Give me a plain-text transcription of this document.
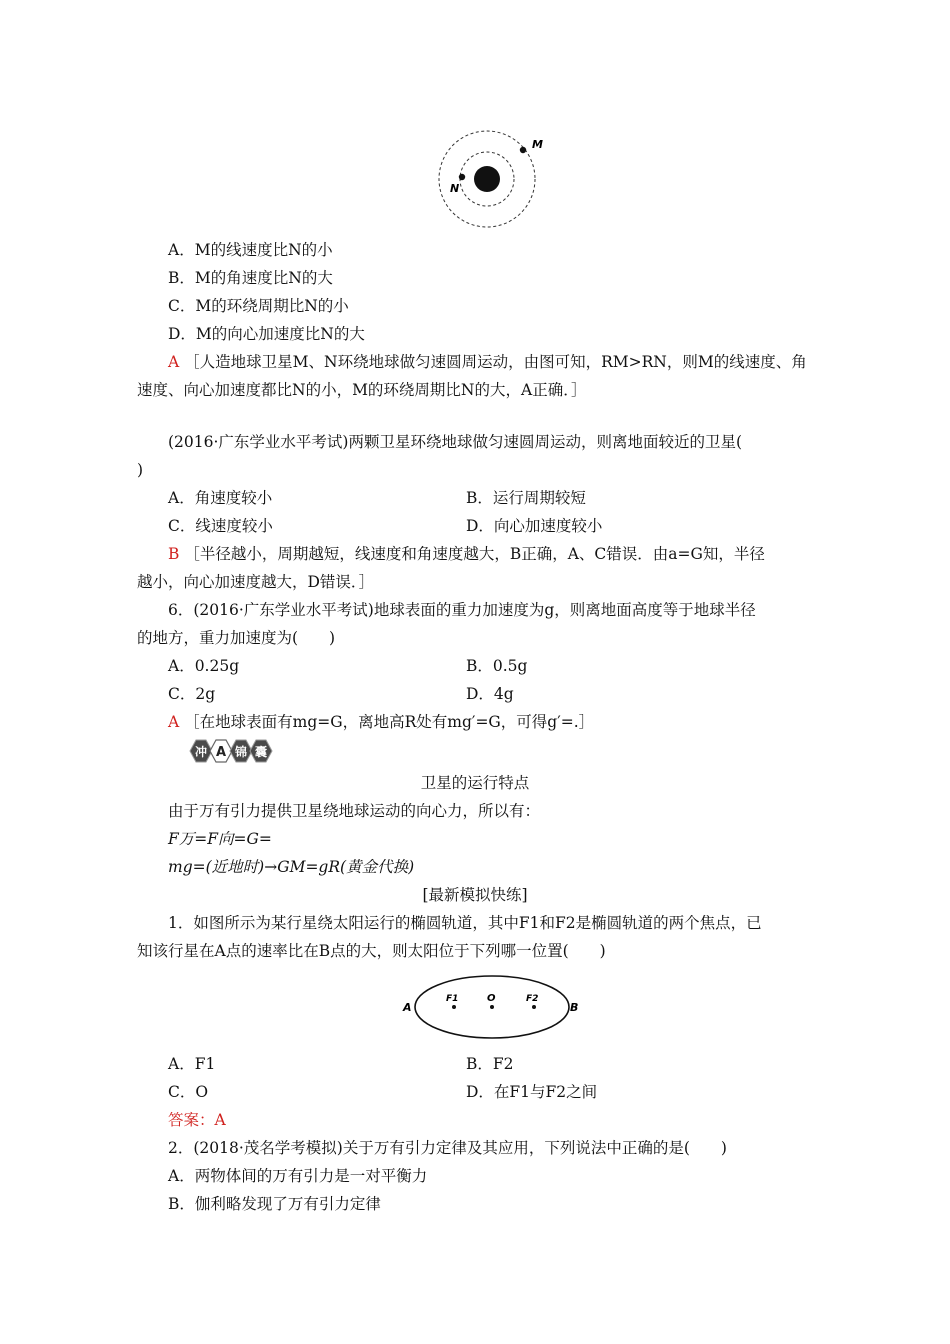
M
N
A．M的线速度比N的小
B．M的角速度比N的大
C．M的环绕周期比N的小
D．M的向心加速度比N的大
A ［人造地球卫星M、N环绕地球做匀速圆周运动，由图可知，RM>RN，则M的线速度、角
速度、向心加速度都比N的小，M的环绕周期比N的大，A正确．］
(2016·广东学业水平考试)两颗卫星环绕地球做匀速圆周运动，则离地面较近的卫星(
)
A．角速度较小	B．运行周期较短
C．线速度较小	D．向心加速度较小
B ［半径越小，周期越短，线速度和角速度越大，B正确，A、C错误．由a=G知，半径
越小，向心加速度越大，D错误．］
6．(2016·广东学业水平考试)地球表面的重力加速度为g，则离地面高度等于地球半径
的地方，重力加速度为(　　)
A．0.25g	B．0.5g
C．2g	D．4g
A ［在地球表面有mg=G，离地高R处有mg′=G，可得g′=.］
冲 A 锦 囊
卫星的运行特点
由于万有引力提供卫星绕地球运动的向心力，所以有：
F万=F向=G=
mg=(近地时)→GM=gR(黄金代换)
[最新模拟快练]
1．如图所示为某行星绕太阳运行的椭圆轨道，其中F1和F2是椭圆轨道的两个焦点，已
知该行星在A点的速率比在B点的大，则太阳位于下列哪一位置(　　)
A	B
F1	O	F2
A．F1	B．F2
C．O	D．在F1与F2之间
答案：A
2．(2018·茂名学考模拟)关于万有引力定律及其应用，下列说法中正确的是(　　)
A．两物体间的万有引力是一对平衡力
B．伽利略发现了万有引力定律
